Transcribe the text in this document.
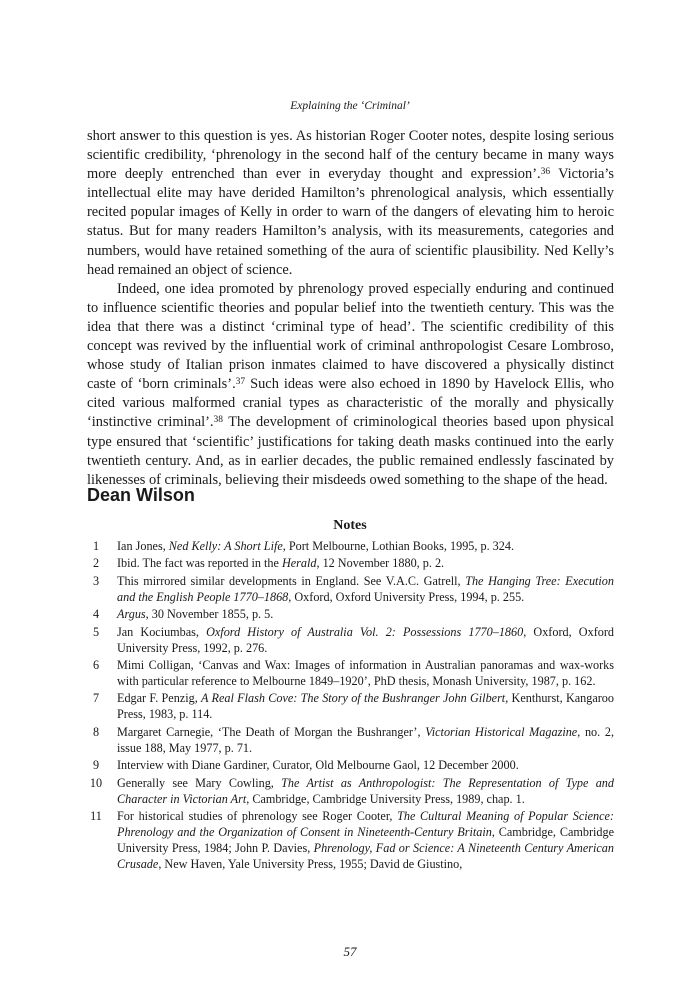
Explaining the ‘Criminal’

short answer to this question is yes. As historian Roger Cooter notes, despite losing serious scientific credibility, ‘phrenology in the second half of the century became in many ways more deeply entrenched than ever in everyday thought and expression’.$^{36}$ Victoria’s intellectual elite may have derided Hamilton’s phrenological analysis, which essentially recited popular images of Kelly in order to warn of the dangers of elevating him to heroic status. But for many readers Hamilton’s analysis, with its measurements, categories and numbers, would have retained something of the aura of scientific plausibility. Ned Kelly’s head remained an object of science.

Indeed, one idea promoted by phrenology proved especially enduring and continued to influence scientific theories and popular belief into the twentieth century. This was the idea that there was a distinct ‘criminal type of head’. The scientific credibility of this concept was revived by the influential work of criminal anthropologist Cesare Lombroso, whose study of Italian prison inmates claimed to have discovered a physically distinct caste of ‘born criminals’.$^{37}$ Such ideas were also echoed in 1890 by Havelock Ellis, who cited various malformed cranial types as characteristic of the morally and physically ‘instinctive criminal’.$^{38}$ The development of criminological theories based upon physical type ensured that ‘scientific’ justifications for taking death masks continued into the early twentieth century. And, as in earlier decades, the public remained endlessly fascinated by likenesses of criminals, believing their misdeeds owed something to the shape of the head.

Dean Wilson
Notes
1	Ian Jones, Ned Kelly: A Short Life, Port Melbourne, Lothian Books, 1995, p. 324.
2	Ibid. The fact was reported in the Herald, 12 November 1880, p. 2.
3	This mirrored similar developments in England. See V.A.C. Gatrell, The Hanging Tree: Execution and the English People 1770–1868, Oxford, Oxford University Press, 1994, p. 255.
4	Argus, 30 November 1855, p. 5.
5	Jan Kociumbas, Oxford History of Australia Vol. 2: Possessions 1770–1860, Oxford, Oxford University Press, 1992, p. 276.
6	Mimi Colligan, ‘Canvas and Wax: Images of information in Australian panoramas and wax-works with particular reference to Melbourne 1849–1920’, PhD thesis, Monash University, 1987, p. 162.
7	Edgar F. Penzig, A Real Flash Cove: The Story of the Bushranger John Gilbert, Kenthurst, Kangaroo Press, 1983, p. 114.
8	Margaret Carnegie, ‘The Death of Morgan the Bushranger’, Victorian Historical Magazine, no. 2, issue 188, May 1977, p. 71.
9	Interview with Diane Gardiner, Curator, Old Melbourne Gaol, 12 December 2000.
10 Generally see Mary Cowling, The Artist as Anthropologist: The Representation of Type and Character in Victorian Art, Cambridge, Cambridge University Press, 1989, chap. 1.
11 For historical studies of phrenology see Roger Cooter, The Cultural Meaning of Popular Science: Phrenology and the Organization of Consent in Nineteenth-Century Britain, Cambridge, Cambridge University Press, 1984; John P. Davies, Phrenology, Fad or Science: A Nineteenth Century American Crusade, New Haven, Yale University Press, 1955; David de Giustino,
57
